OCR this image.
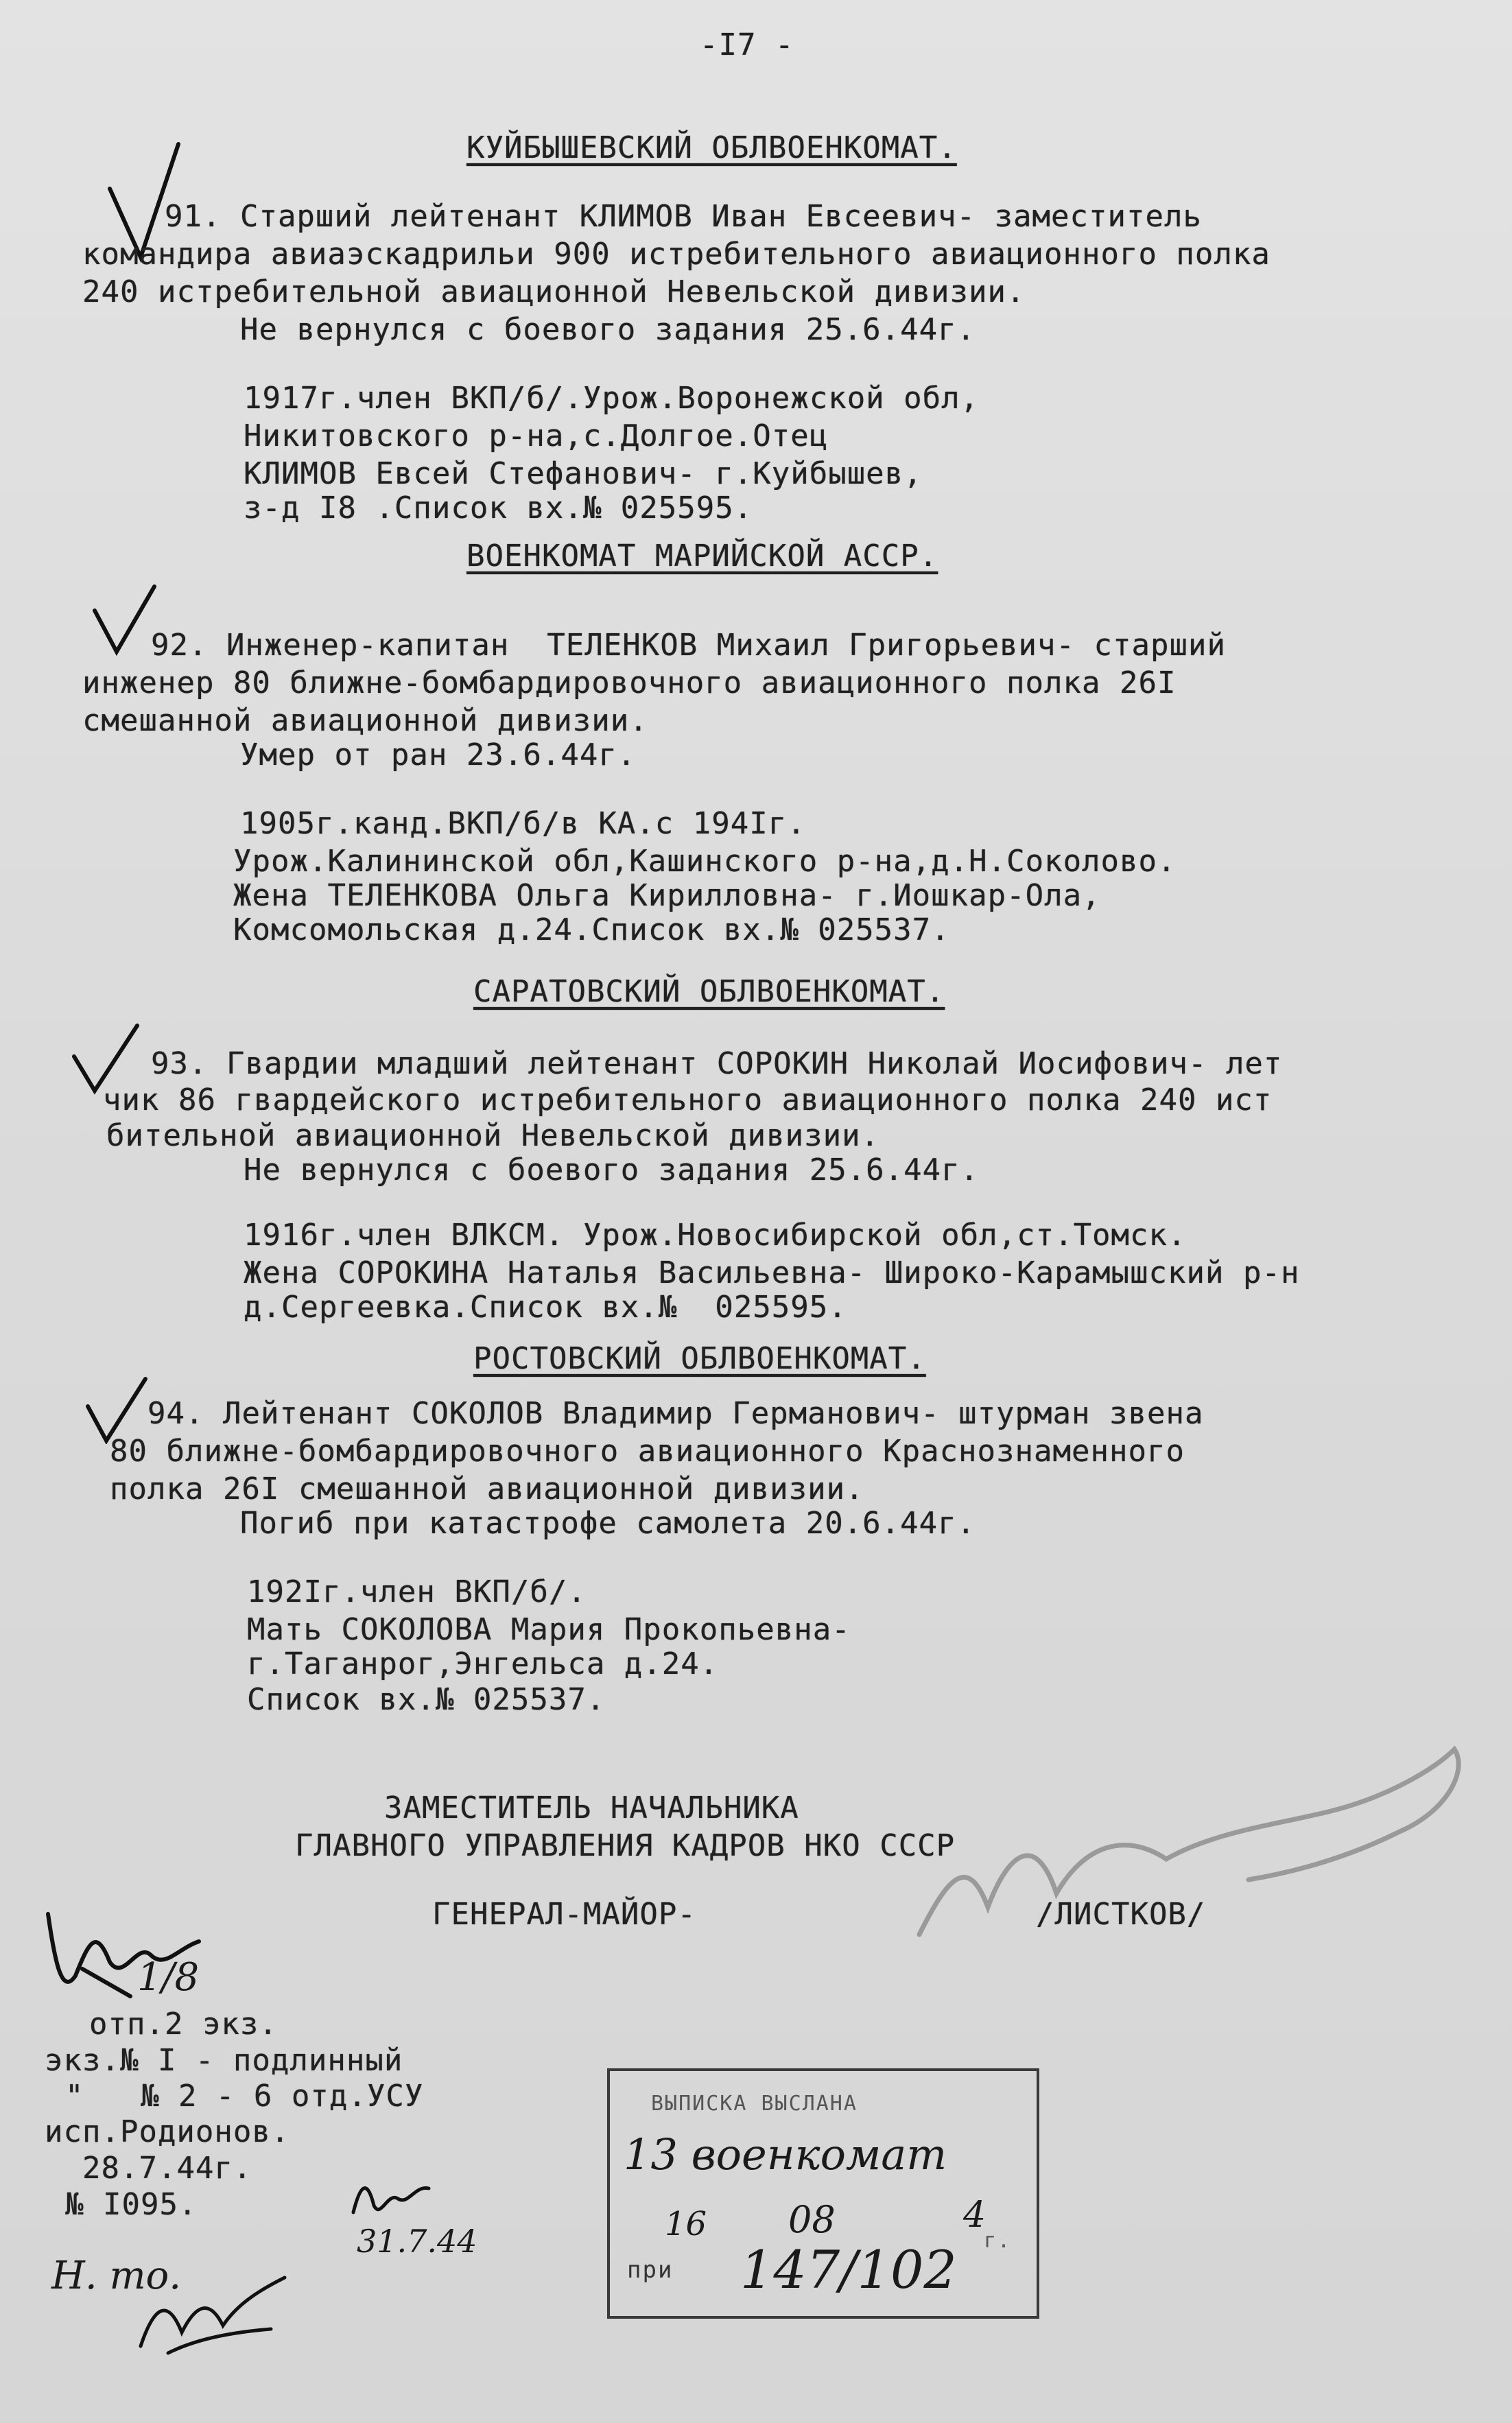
-I7 -
КУЙБЫШЕВСКИЙ ОБЛВОЕНКОМАТ.
91. Старший лейтенант КЛИМОВ Иван Евсеевич- заместитель
командира авиаэскадрильи 900 истребительного авиационного полка
240 истребительной авиационной Невельской дивизии.
Не вернулся с боевого задания 25.6.44г.
1917г.член ВКП/б/.Урож.Воронежской обл,
Никитовского р-на,с.Долгое.Отец
КЛИМОВ Евсей Стефанович- г.Куйбышев,
з-д I8 .Список вх.№ 025595.
ВОЕНКОМАТ МАРИЙСКОЙ АССР.
92. Инженер-капитан  ТЕЛЕНКОВ Михаил Григорьевич- старший
инженер 80 ближне-бомбардировочного авиационного полка 26I
смешанной авиационной дивизии.
Умер от ран 23.6.44г.
1905г.канд.ВКП/б/в КА.с 194Iг.
Урож.Калининской обл,Кашинского р-на,д.Н.Соколово.
Жена ТЕЛЕНКОВА Ольга Кирилловна- г.Иошкар-Ола,
Комсомольская д.24.Список вх.№ 025537.
САРАТОВСКИЙ ОБЛВОЕНКОМАТ.
93. Гвардии младший лейтенант СОРОКИН Николай Иосифович- лет
чик 86 гвардейского истребительного авиационного полка 240 ист
бительной авиационной Невельской дивизии.
Не вернулся с боевого задания 25.6.44г.
1916г.член ВЛКСМ. Урож.Новосибирской обл,ст.Томск.
Жена СОРОКИНА Наталья Васильевна- Широко-Карамышский р-н
д.Сергеевка.Список вх.№  025595.
РОСТОВСКИЙ ОБЛВОЕНКОМАТ.
94. Лейтенант СОКОЛОВ Владимир Германович- штурман звена
80 ближне-бомбардировочного авиационного Краснознаменного
полка 26I смешанной авиационной дивизии.
Погиб при катастрофе самолета 20.6.44г.
192Iг.член ВКП/б/.
Мать СОКОЛОВА Мария Прокопьевна-
г.Таганрог,Энгельса д.24.
Список вх.№ 025537.
ЗАМЕСТИТЕЛЬ НАЧАЛЬНИКА
ГЛАВНОГО УПРАВЛЕНИЯ КАДРОВ НКО СССР
ГЕНЕРАЛ-МАЙОР-	/ЛИСТКОВ/
1/8
отп.2 экз.
экз.№ I - подлинный
"   № 2 - 6 отд.УСУ
исп.Родионов.
28.7.44г.
№ I095.
31.7.44
Н. то.
ВЫПИСКА ВЫСЛАНА
13 военкомат
16 08	4
г.
при 147/102
